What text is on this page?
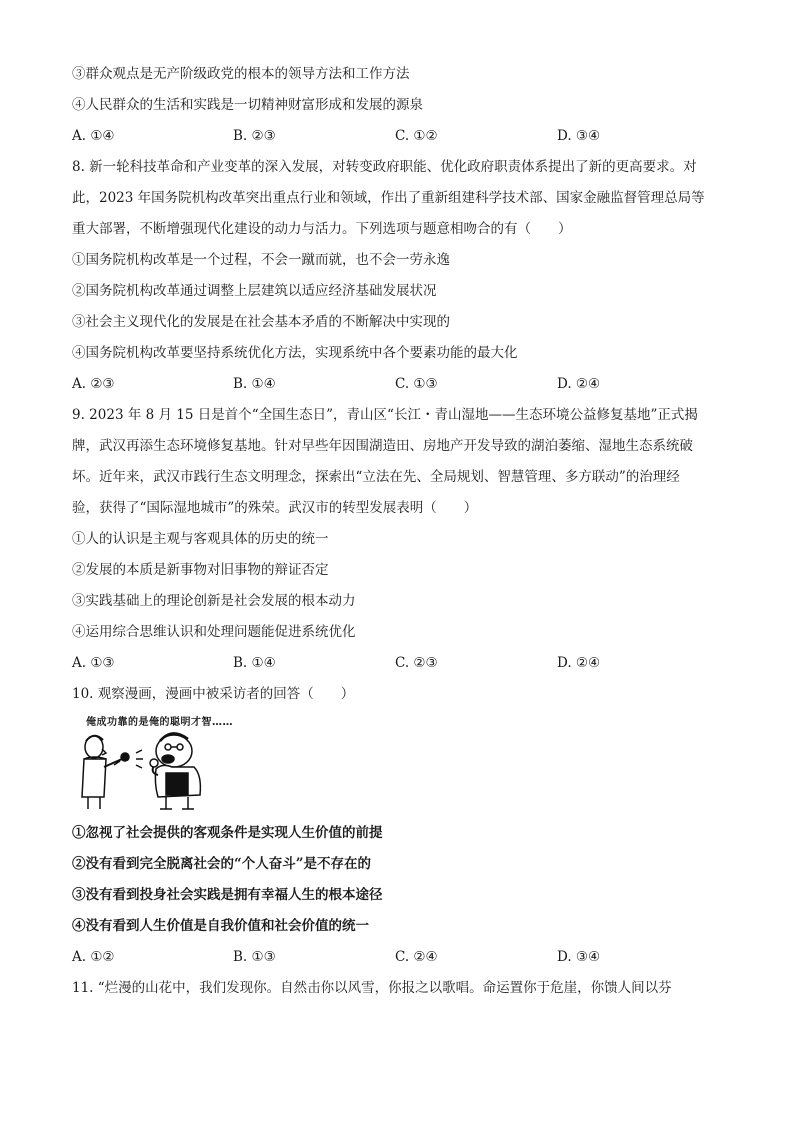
③群众观点是无产阶级政党的根本的领导方法和工作方法
④人民群众的生活和实践是一切精神财富形成和发展的源泉
A. ①④	B. ②③	C. ①②	D. ③④
8. 新一轮科技革命和产业变革的深入发展，对转变政府职能、优化政府职责体系提出了新的更高要求。对
此，2023 年国务院机构改革突出重点行业和领域，作出了重新组建科学技术部、国家金融监督管理总局等
重大部署，不断增强现代化建设的动力与活力。下列选项与题意相吻合的有（　　）
①国务院机构改革是一个过程，不会一蹴而就，也不会一劳永逸
②国务院机构改革通过调整上层建筑以适应经济基础发展状况
③社会主义现代化的发展是在社会基本矛盾的不断解决中实现的
④国务院机构改革要坚持系统优化方法，实现系统中各个要素功能的最大化
A. ②③	B. ①④	C. ①③	D. ②④
9. 2023 年 8 月 15 日是首个“全国生态日”，青山区“长江・青山湿地——生态环境公益修复基地”正式揭
牌，武汉再添生态环境修复基地。针对早些年因围湖造田、房地产开发导致的湖泊萎缩、湿地生态系统破
坏。近年来，武汉市践行生态文明理念，探索出“立法在先、全局规划、智慧管理、多方联动”的治理经
验，获得了“国际湿地城市”的殊荣。武汉市的转型发展表明（　　）
①人的认识是主观与客观具体的历史的统一
②发展的本质是新事物对旧事物的辩证否定
③实践基础上的理论创新是社会发展的根本动力
④运用综合思维认识和处理问题能促进系统优化
A. ①③	B. ①④	C. ②③	D. ②④
10. 观察漫画，漫画中被采访者的回答（　　）
俺成功靠的是俺的聪明才智……
①忽视了社会提供的客观条件是实现人生价值的前提
②没有看到完全脱离社会的“个人奋斗”是不存在的
③没有看到投身社会实践是拥有幸福人生的根本途径
④没有看到人生价值是自我价值和社会价值的统一
A. ①②	B. ①③	C. ②④	D. ③④
11. “烂漫的山花中，我们发现你。自然击你以风雪，你报之以歌唱。命运置你于危崖，你馈人间以芬
